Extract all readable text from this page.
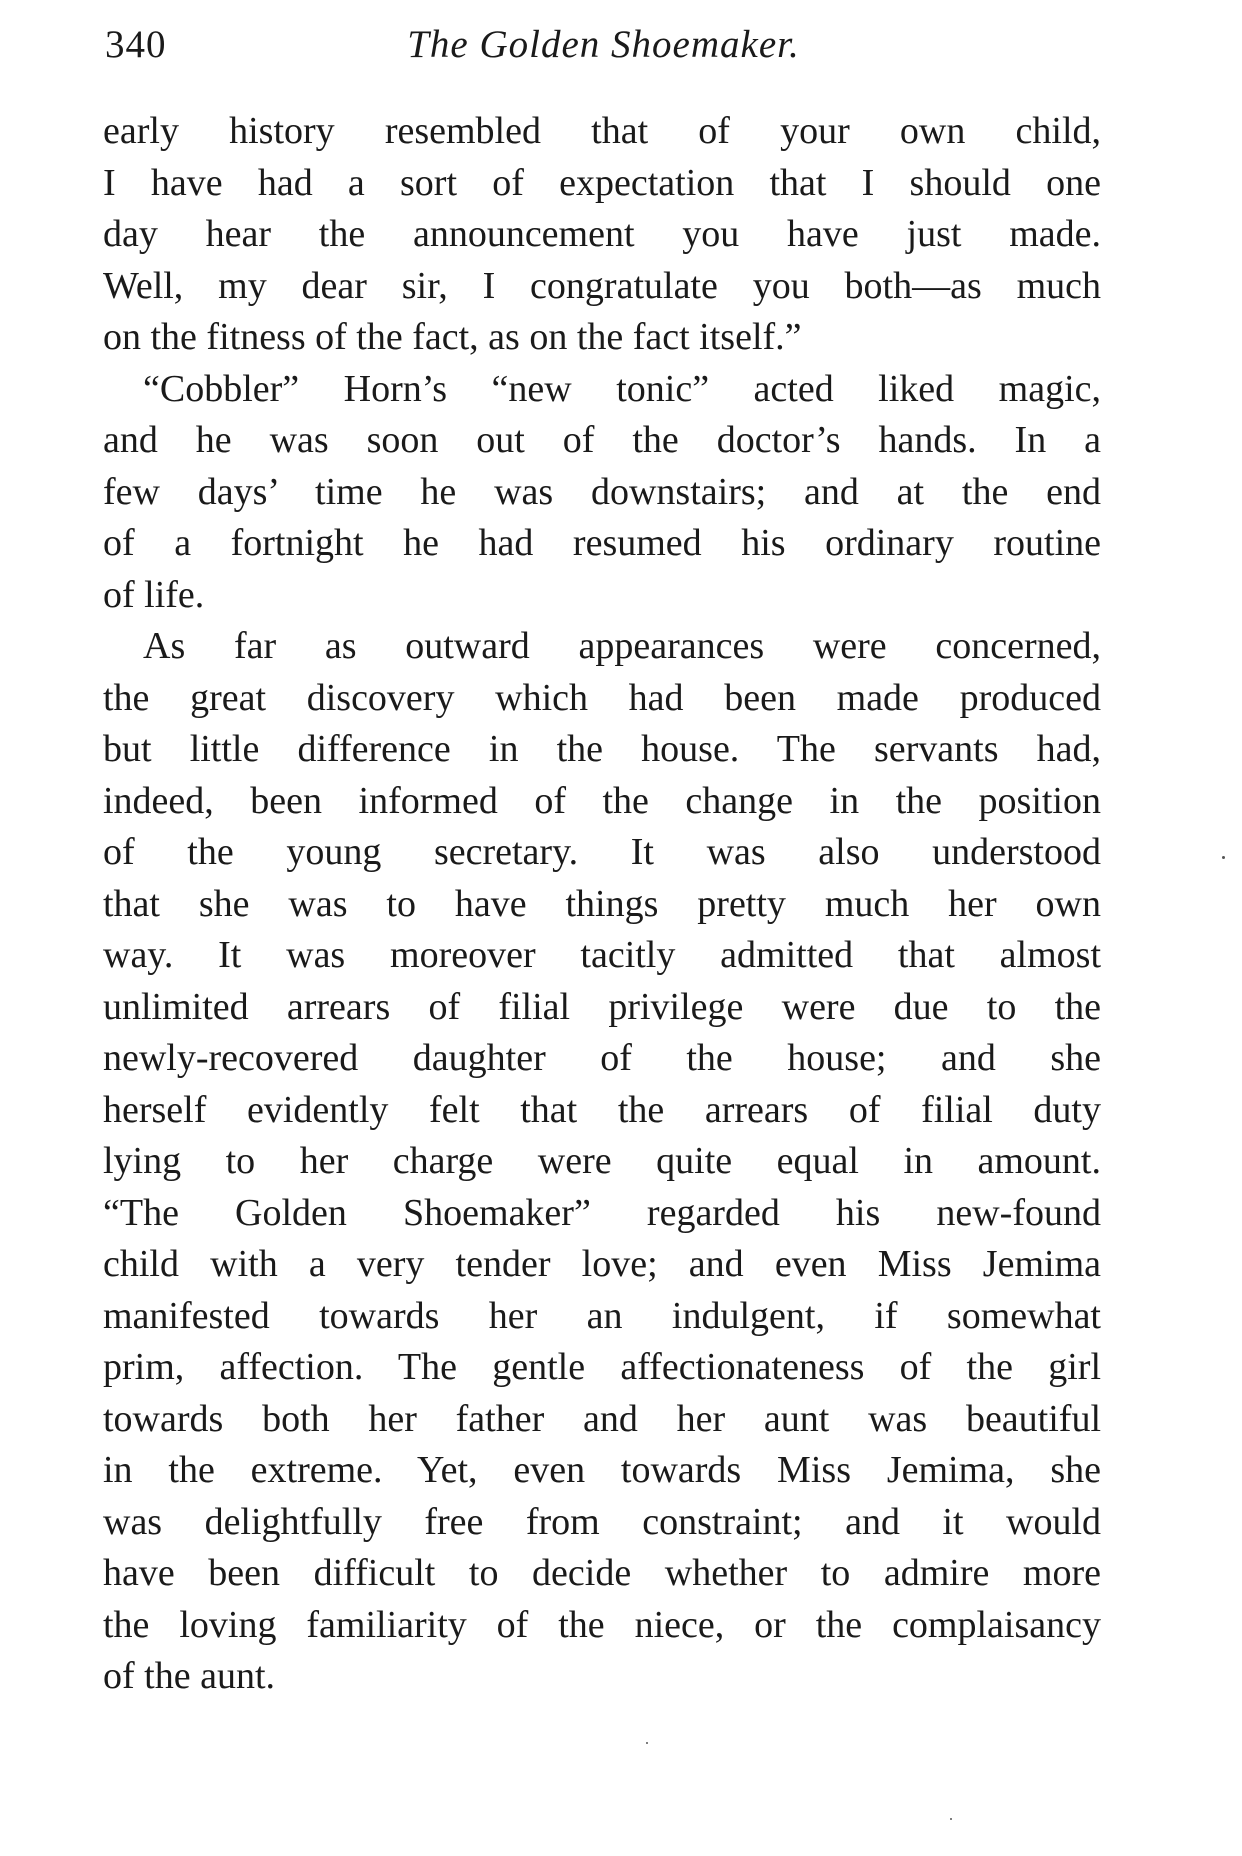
340	The Golden Shoemaker.
early history resembled that of your own child,
I have had a sort of expectation that I should one
day hear the announcement you have just made.
Well, my dear sir, I congratulate you both—as much
on the fitness of the fact, as on the fact itself.”
“Cobbler” Horn’s “new tonic” acted liked magic,
and he was soon out of the doctor’s hands. In a
few days’ time he was downstairs; and at the end
of a fortnight he had resumed his ordinary routine
of life.
As far as outward appearances were concerned,
the great discovery which had been made produced
but little difference in the house. The servants had,
indeed, been informed of the change in the position
of the young secretary. It was also understood
that she was to have things pretty much her own
way. It was moreover tacitly admitted that almost
unlimited arrears of filial privilege were due to the
newly-recovered daughter of the house; and she
herself evidently felt that the arrears of filial duty
lying to her charge were quite equal in amount.
“The Golden Shoemaker” regarded his new-found
child with a very tender love; and even Miss Jemima
manifested towards her an indulgent, if somewhat
prim, affection. The gentle affectionateness of the girl
towards both her father and her aunt was beautiful
in the extreme. Yet, even towards Miss Jemima, she
was delightfully free from constraint; and it would
have been difficult to decide whether to admire more
the loving familiarity of the niece, or the complaisancy
of the aunt.
